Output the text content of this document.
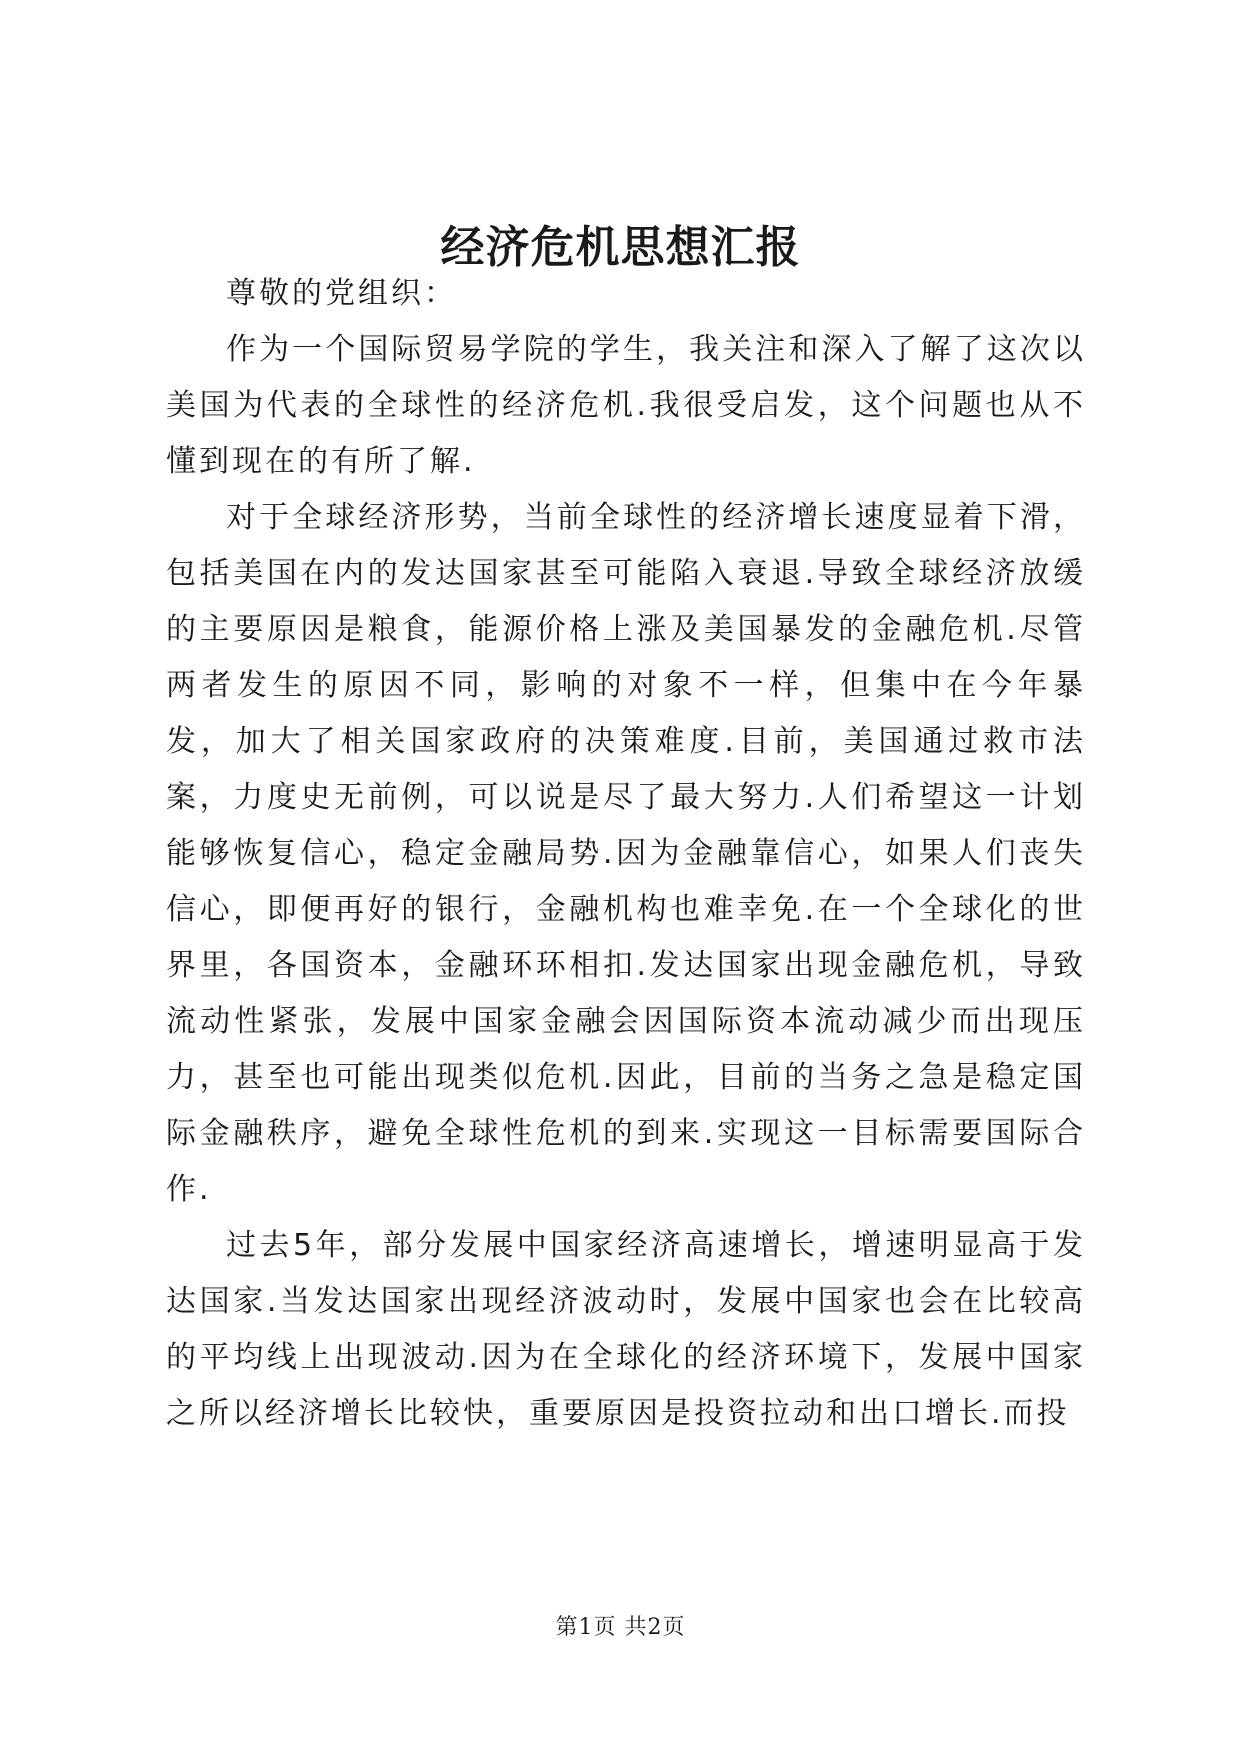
经济危机思想汇报

尊敬的党组织：

作为一个国际贸易学院的学生，我关注和深入了解了这次以美国为代表的全球性的经济危机.我很受启发，这个问题也从不懂到现在的有所了解.

对于全球经济形势，当前全球性的经济增长速度显着下滑，包括美国在内的发达国家甚至可能陷入衰退.导致全球经济放缓的主要原因是粮食，能源价格上涨及美国暴发的金融危机.尽管两者发生的原因不同，影响的对象不一样，但集中在今年暴发，加大了相关国家政府的决策难度.目前，美国通过救市法案，力度史无前例，可以说是尽了最大努力.人们希望这一计划能够恢复信心，稳定金融局势.因为金融靠信心，如果人们丧失信心，即便再好的银行，金融机构也难幸免.在一个全球化的世界里，各国资本，金融环环相扣.发达国家出现金融危机，导致流动性紧张，发展中国家金融会因国际资本流动减少而出现压力，甚至也可能出现类似危机.因此，目前的当务之急是稳定国际金融秩序，避免全球性危机的到来.实现这一目标需要国际合作.

过去5年，部分发展中国家经济高速增长，增速明显高于发达国家.当发达国家出现经济波动时，发展中国家也会在比较高的平均线上出现波动.因为在全球化的经济环境下，发展中国家之所以经济增长比较快，重要原因是投资拉动和出口增长.而投

第1页 共2页
